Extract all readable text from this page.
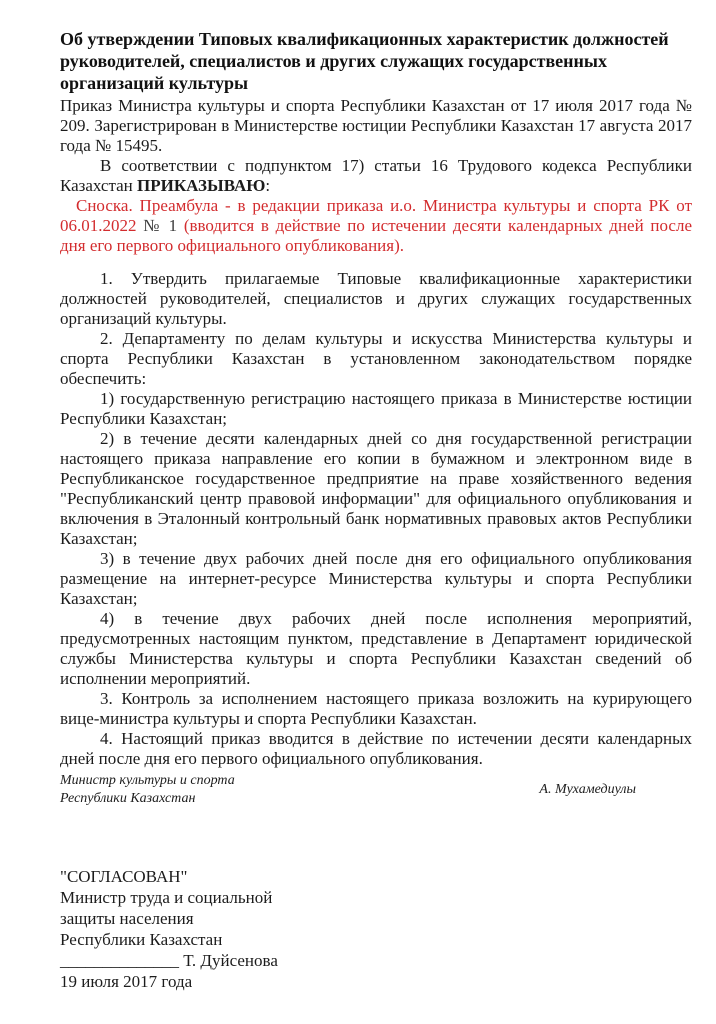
Об утверждении Типовых квалификационных характеристик должностей руководителей, специалистов и других служащих государственных организаций культуры

Приказ Министра культуры и спорта Республики Казахстан от 17 июля 2017 года № 209. Зарегистрирован в Министерстве юстиции Республики Казахстан 17 августа 2017 года № 15495.

В соответствии с подпунктом 17) статьи 16 Трудового кодекса Республики Казахстан ПРИКАЗЫВАЮ:

Сноска. Преамбула - в редакции приказа и.о. Министра культуры и спорта РК от 06.01.2022 № 1 (вводится в действие по истечении десяти календарных дней после дня его первого официального опубликования).

1. Утвердить прилагаемые Типовые квалификационные характеристики должностей руководителей, специалистов и других служащих государственных организаций культуры.

2. Департаменту по делам культуры и искусства Министерства культуры и спорта Республики Казахстан в установленном законодательством порядке обеспечить:

1) государственную регистрацию настоящего приказа в Министерстве юстиции Республики Казахстан;

2) в течение десяти календарных дней со дня государственной регистрации настоящего приказа направление его копии в бумажном и электронном виде в Республиканское государственное предприятие на праве хозяйственного ведения "Республиканский центр правовой информации" для официального опубликования и включения в Эталонный контрольный банк нормативных правовых актов Республики Казахстан;

3) в течение двух рабочих дней после дня его официального опубликования размещение на интернет-ресурсе Министерства культуры и спорта Республики Казахстан;

4) в течение двух рабочих дней после исполнения мероприятий, предусмотренных настоящим пунктом, представление в Департамент юридической службы Министерства культуры и спорта Республики Казахстан сведений об исполнении мероприятий.

3. Контроль за исполнением настоящего приказа возложить на курирующего вице-министра культуры и спорта Республики Казахстан.

4. Настоящий приказ вводится в действие по истечении десяти календарных дней после дня его первого официального опубликования.

Министр культуры и спорта
Республики Казахстан
А. Мухамедиулы
"СОГЛАСОВАН"
Министр труда и социальной
защиты населения
Республики Казахстан
______________ Т. Дуйсенова
19 июля 2017 года
